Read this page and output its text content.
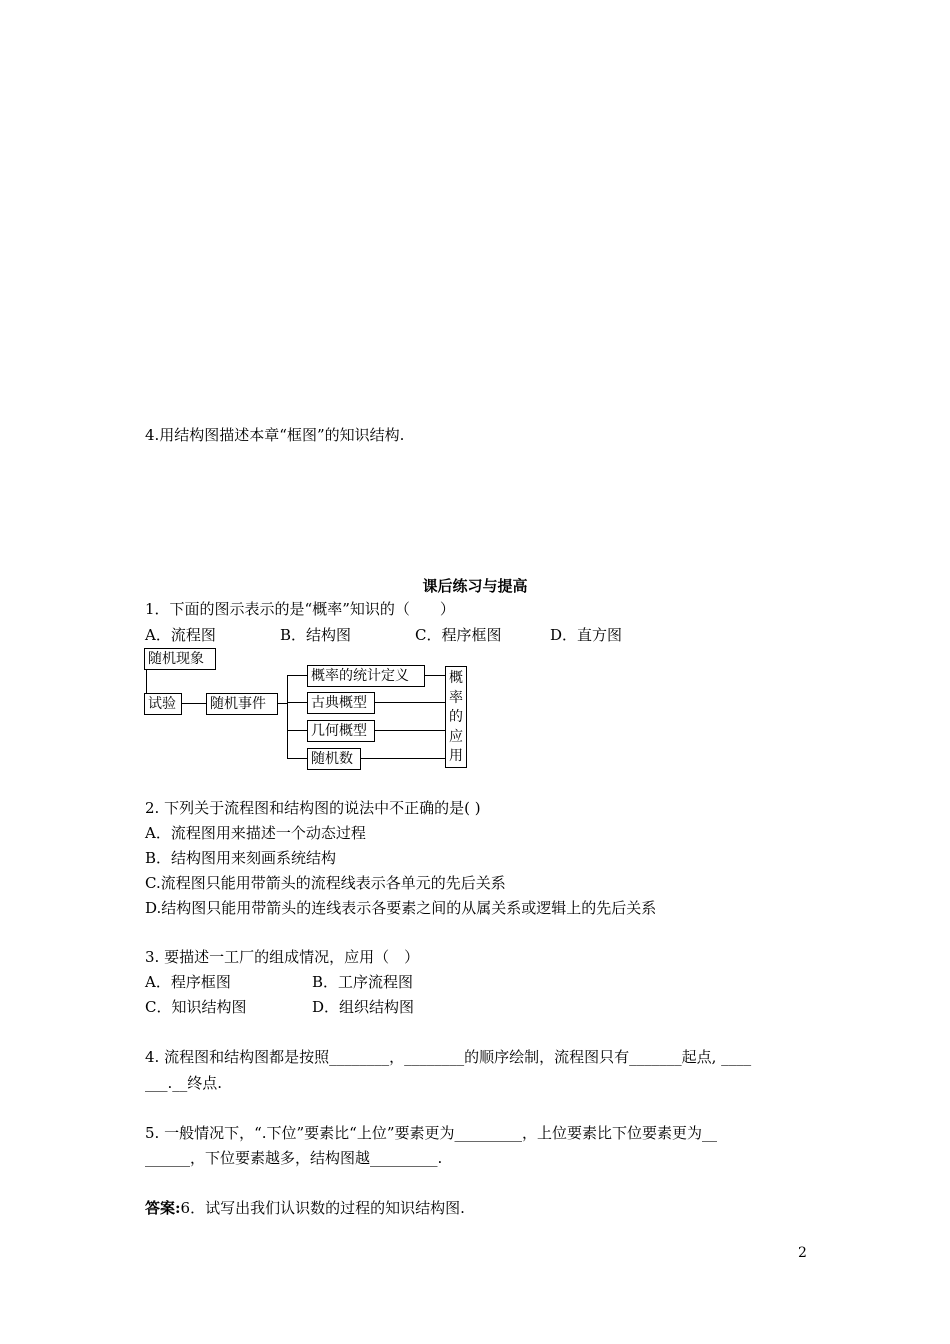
4.用结构图描述本章“框图”的知识结构.
课后练习与提高
1．下面的图示表示的是“概率”知识的（　　）
A．流程图	B．结构图	C．程序框图	D．直方图
随机现象
试验	随机事件
概率的统计定义
古典概型
几何概型
随机数
概
率
的
应
用
2. 下列关于流程图和结构图的说法中不正确的是( )
A．流程图用来描述一个动态过程
B．结构图用来刻画系统结构
C.流程图只能用带箭头的流程线表示各单元的先后关系
D.结构图只能用带箭头的连线表示各要素之间的从属关系或逻辑上的先后关系
3. 要描述一工厂的组成情况，应用（　）
A．程序框图	B．工序流程图
C．知识结构图	D．组织结构图
4. 流程图和结构图都是按照________，________的顺序绘制，流程图只有_______起点, ____
___.__终点.
5. 一般情况下，“.下位”要素比“上位”要素更为_________，上位要素比下位要素更为__
______，下位要素越多，结构图越_________.
答案:6．试写出我们认识数的过程的知识结构图.
2
